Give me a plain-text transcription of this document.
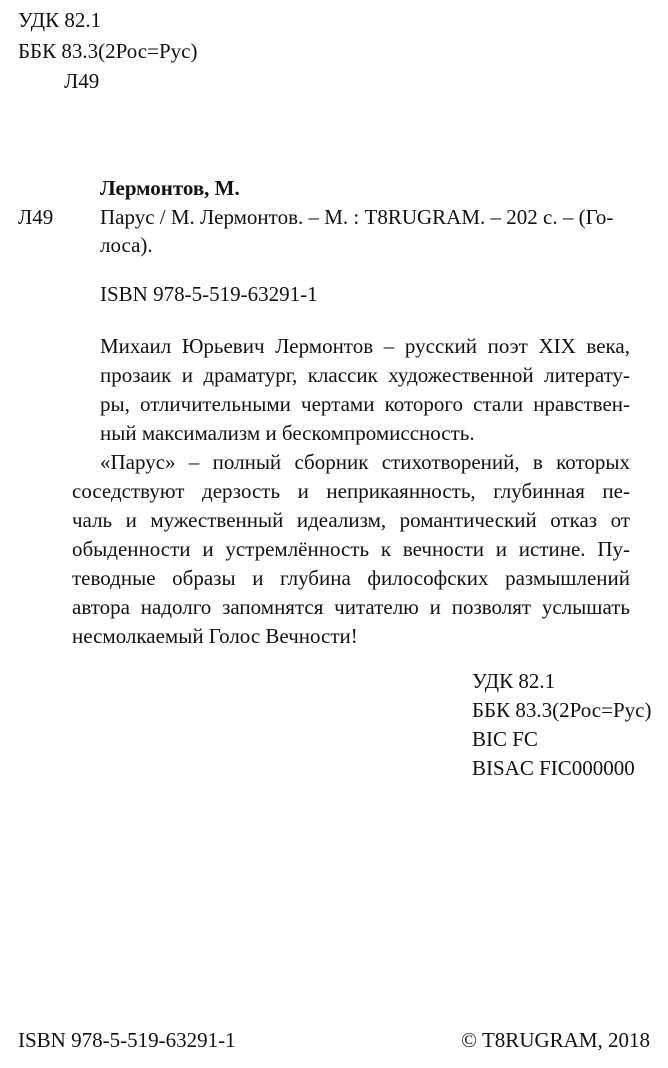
УДК 82.1
ББК 83.3(2Рос=Рус)
Л49
Лермонтов, М.
Л49 Парус / М. Лермонтов. – М. : T8RUGRAM. – 202 с. – (Го-
лоса).
ISBN 978-5-519-63291-1
Михаил Юрьевич Лермонтов – русский поэт XIX века,
прозаик и драматург, классик художественной литерату-
ры, отличительными чертами которого стали нравствен-
ный максимализм и бескомпромиссность.
«Парус» – полный сборник стихотворений, в которых
соседствуют дерзость и неприкаянность, глубинная пе-
чаль и мужественный идеализм, романтический отказ от
обыденности и устремлённость к вечности и истине. Пу-
теводные образы и глубина философских размышлений
автора надолго запомнятся читателю и позволят услышать
несмолкаемый Голос Вечности!
УДК 82.1
ББК 83.3(2Рос=Рус)
BIC FC
BISAC FIC000000
ISBN 978-5-519-63291-1	© T8RUGRAM, 2018
